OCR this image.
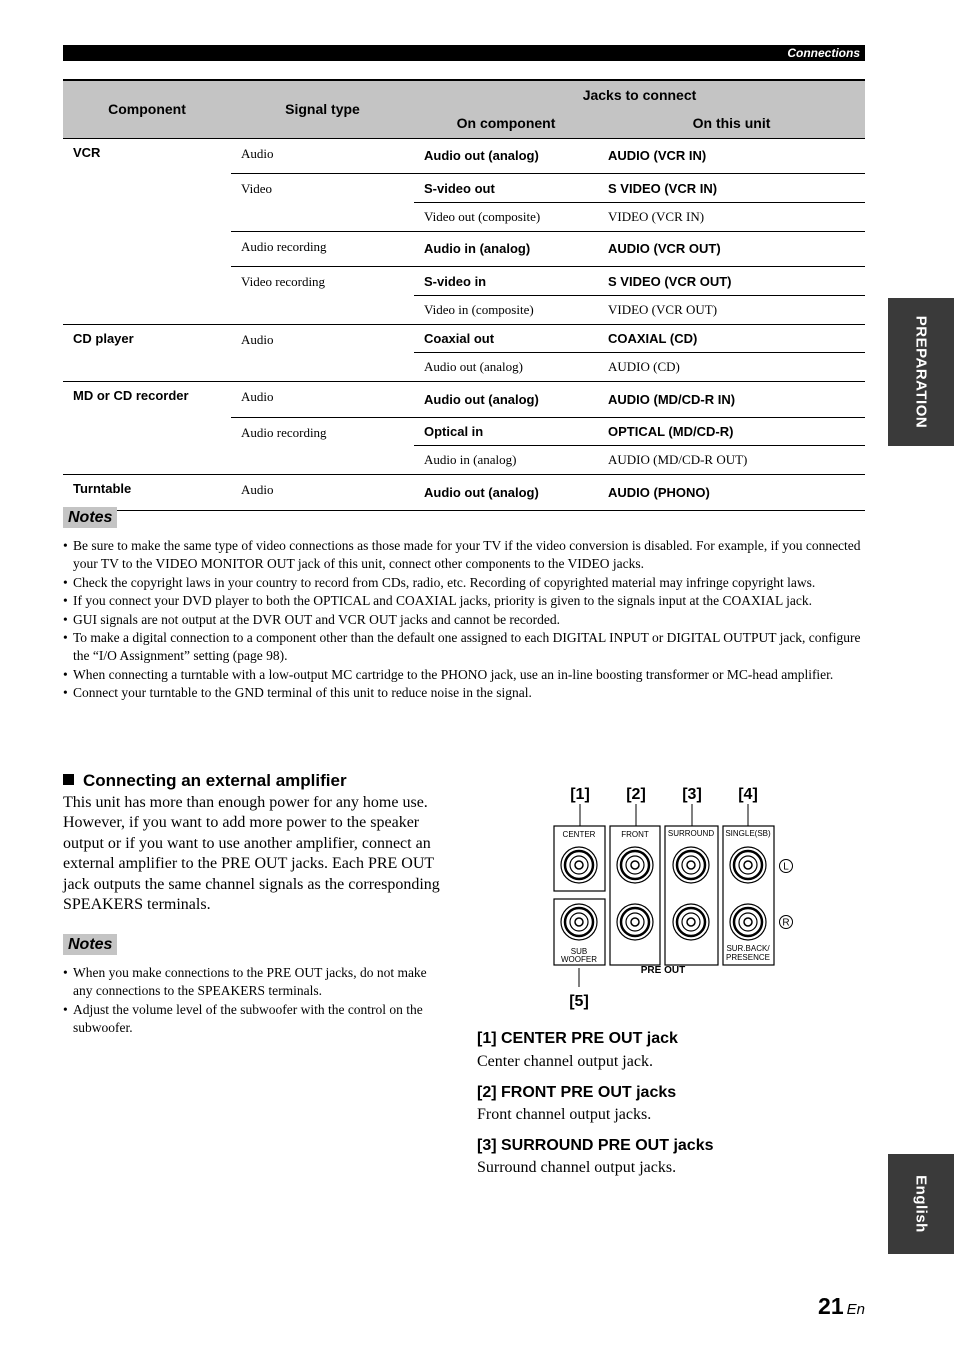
Connections
PREPARATION
English
Component	Signal type	Jacks to connect	
		On component	On this unit
VCR	Audio	Audio out (analog)	AUDIO (VCR IN)
	Video	S-video out	S VIDEO (VCR IN)
		Video out (composite)	VIDEO (VCR IN)
	Audio recording	Audio in (analog)	AUDIO (VCR OUT)
	Video recording	S-video in	S VIDEO (VCR OUT)
		Video in (composite)	VIDEO (VCR OUT)
CD player	Audio	Coaxial out	COAXIAL (CD)
		Audio out (analog)	AUDIO (CD)
MD or CD recorder	Audio	Audio out (analog)	AUDIO (MD/CD-R IN)
	Audio recording	Optical in	OPTICAL (MD/CD-R)
		Audio in (analog)	AUDIO (MD/CD-R OUT)
Turntable	Audio	Audio out (analog)	AUDIO (PHONO)
Notes
• Be sure to make the same type of video connections as those made for your TV if the video conversion is disabled. For example, if you connected your TV to the VIDEO MONITOR OUT jack of this unit, connect other components to the VIDEO jacks.
• Check the copyright laws in your country to record from CDs, radio, etc. Recording of copyrighted material may infringe copyright laws.
• If you connect your DVD player to both the OPTICAL and COAXIAL jacks, priority is given to the signals input at the COAXIAL jack.
• GUI signals are not output at the DVR OUT and VCR OUT jacks and cannot be recorded.
• To make a digital connection to a component other than the default one assigned to each DIGITAL INPUT or DIGITAL OUTPUT jack, configure the “I/O Assignment” setting (page 98).
• When connecting a turntable with a low-output MC cartridge to the PHONO jack, use an in-line boosting transformer or MC-head amplifier.
• Connect your turntable to the GND terminal of this unit to reduce noise in the signal.
Connecting an external amplifier
This unit has more than enough power for any home use. However, if you want to add more power to the speaker output or if you want to use another amplifier, connect an external amplifier to the PRE OUT jacks. Each PRE OUT jack outputs the same channel signals as the corresponding SPEAKERS terminals.
Notes
• When you make connections to the PRE OUT jacks, do not make any connections to the SPEAKERS terminals.
• Adjust the volume level of the subwoofer with the control on the subwoofer.
[1] [2] [3] [4]
[5]
CENTER	FRONT SURROUND SINGLE(SB)
SUB
WOOFER
SUR.BACK/
PRESENCE
PRE OUT
L
R
[1] CENTER PRE OUT jack
Center channel output jack.
[2] FRONT PRE OUT jacks
Front channel output jacks.
[3] SURROUND PRE OUT jacks
Surround channel output jacks.
21 En
